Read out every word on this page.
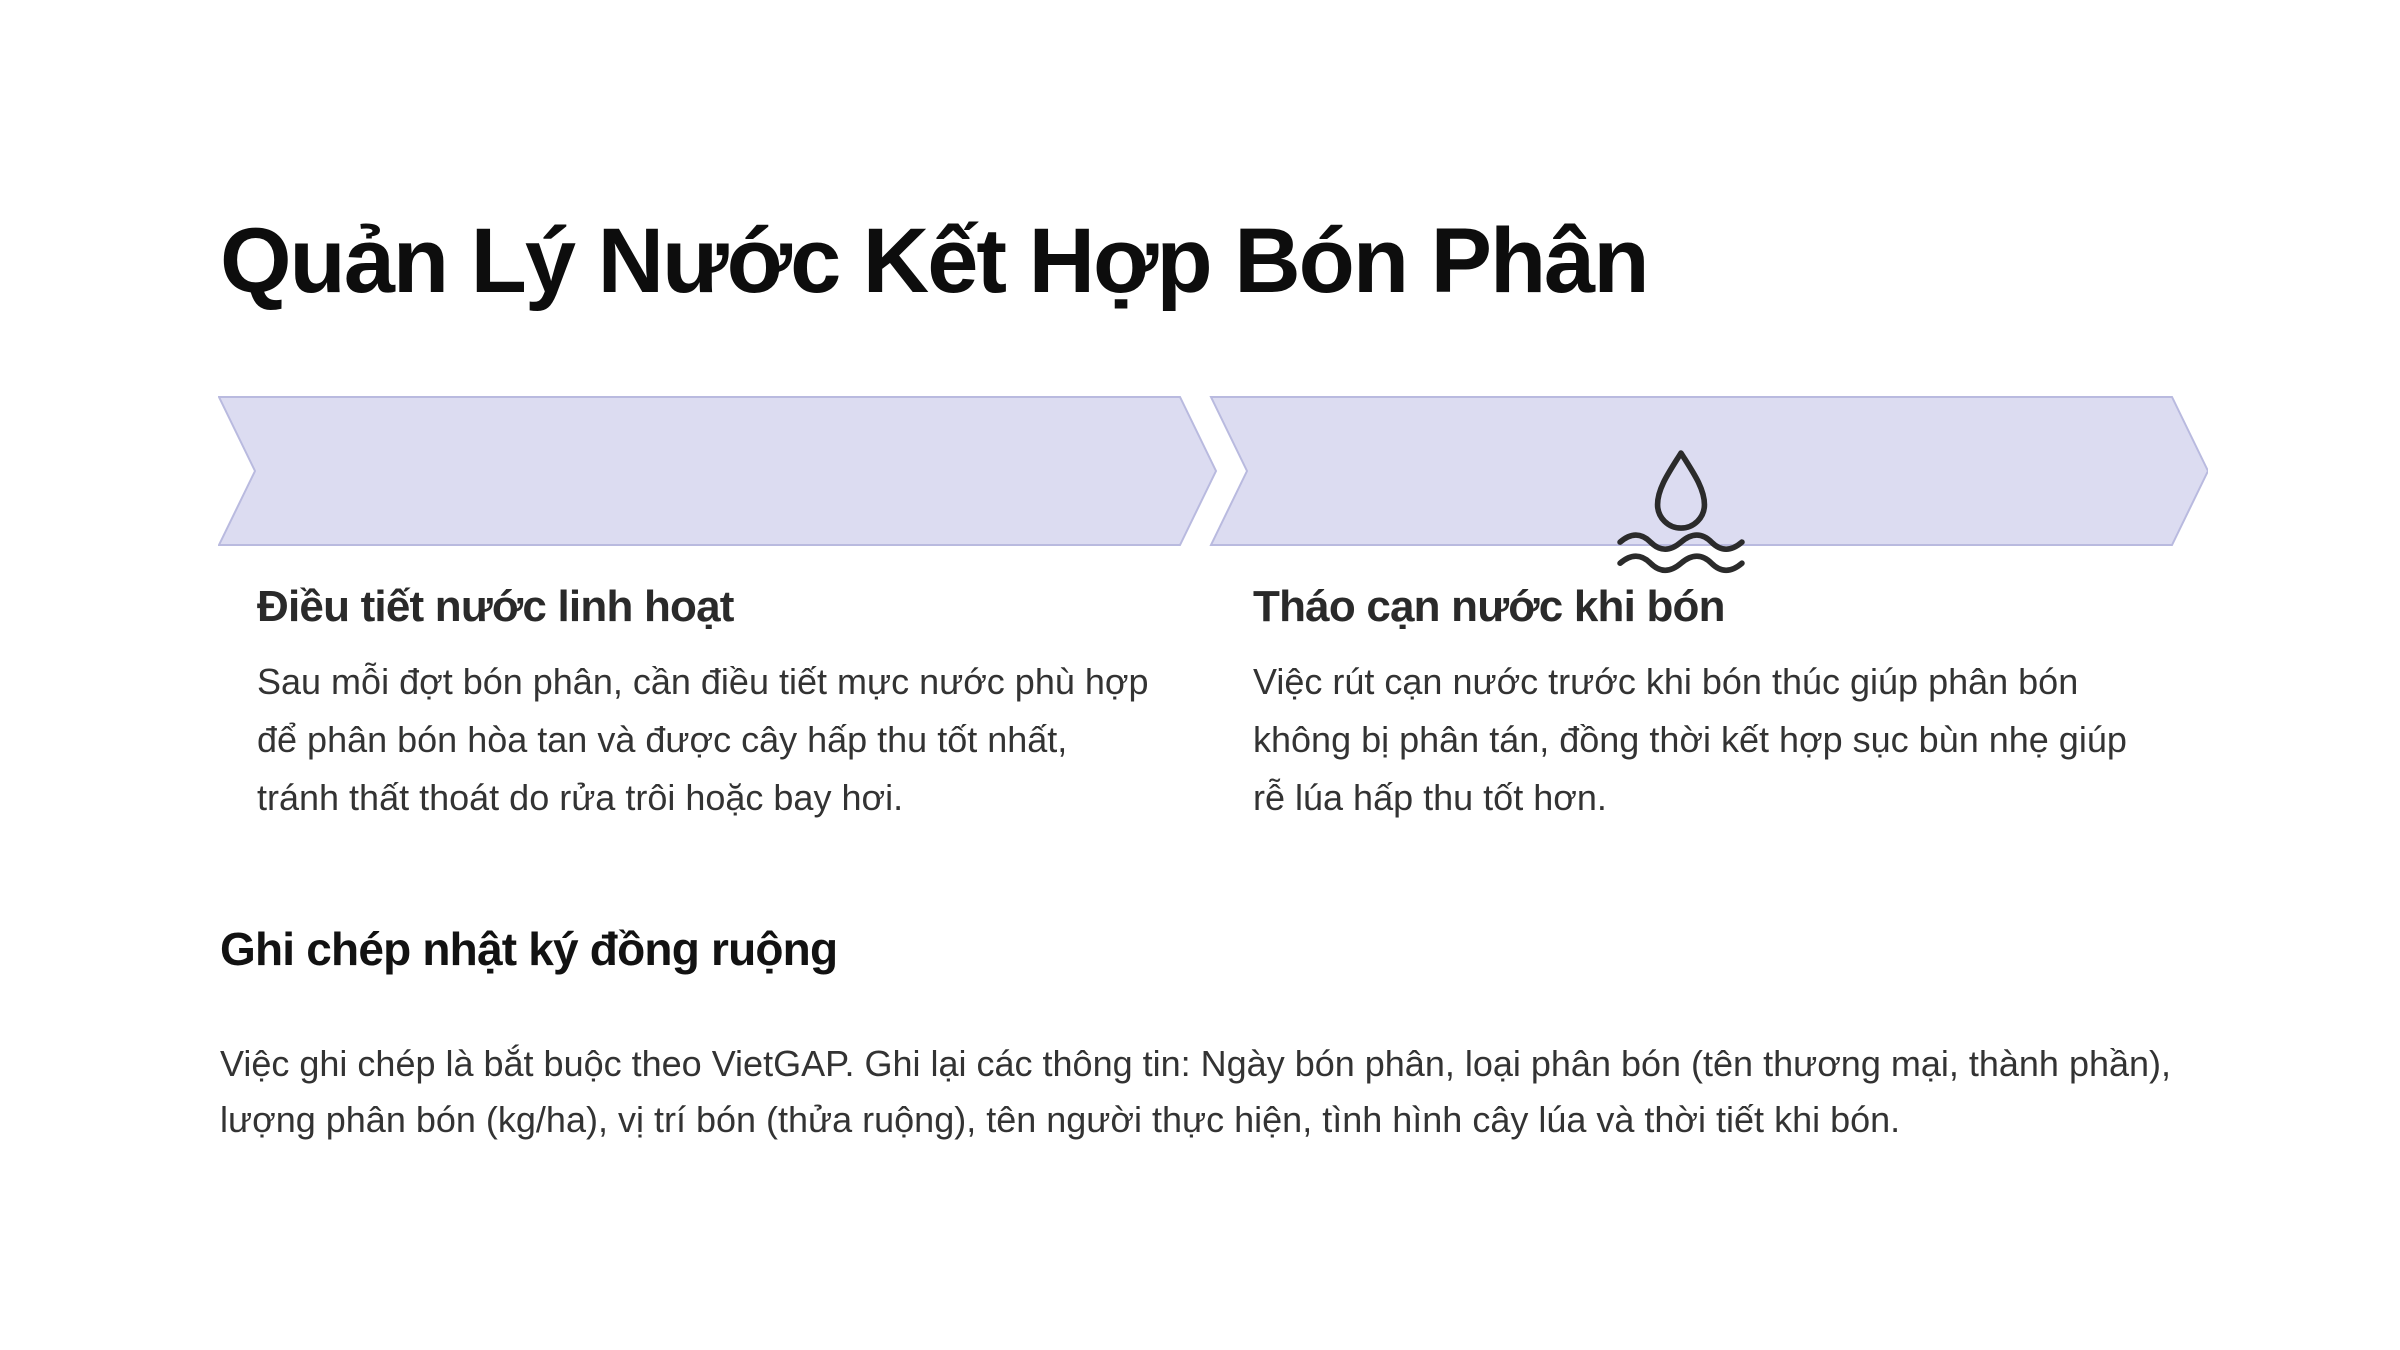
Quản Lý Nước Kết Hợp Bón Phân
Điều tiết nước linh hoạt

Sau mỗi đợt bón phân, cần điều tiết mực nước phù hợp để phân bón hòa tan và được cây hấp thu tốt nhất, tránh thất thoát do rửa trôi hoặc bay hơi.

Tháo cạn nước khi bón

Việc rút cạn nước trước khi bón thúc giúp phân bón không bị phân tán, đồng thời kết hợp sục bùn nhẹ giúp rễ lúa hấp thu tốt hơn.

Ghi chép nhật ký đồng ruộng

Việc ghi chép là bắt buộc theo VietGAP. Ghi lại các thông tin: Ngày bón phân, loại phân bón (tên thương mại, thành phần), lượng phân bón (kg/ha), vị trí bón (thửa ruộng), tên người thực hiện, tình hình cây lúa và thời tiết khi bón.
